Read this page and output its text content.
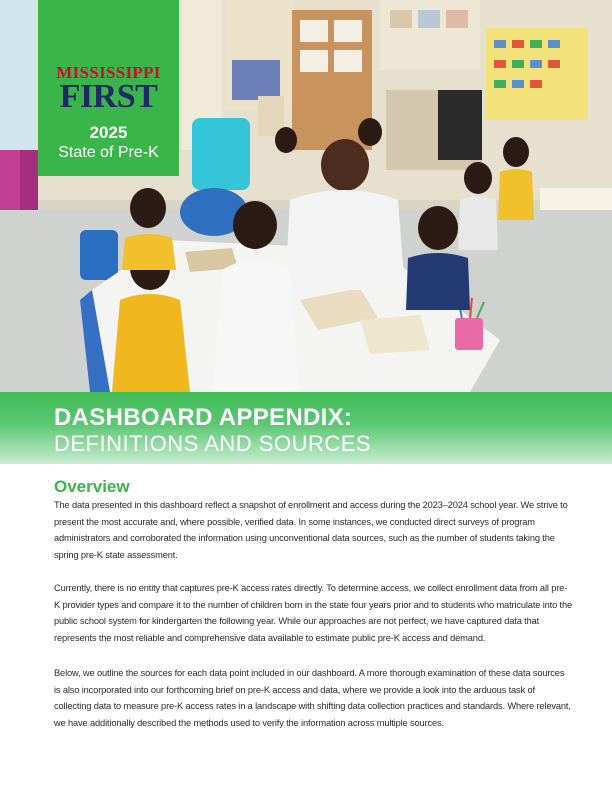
MISSISSIPPI
FIRST
2025
State of Pre-K
DASHBOARD APPENDIX:
DEFINITIONS AND SOURCES
Overview

The data presented in this dashboard reflect a snapshot of enrollment and access during the 2023–2024 school year. We strive to present the most accurate and, where possible, verified data. In some instances, we conducted direct surveys of program administrators and corroborated the information using unconventional data sources, such as the number of students taking the spring pre-K state assessment.

Currently, there is no entity that captures pre-K access rates directly. To determine access, we collect enrollment data from all pre-K provider types and compare it to the number of children born in the state four years prior and to students who matriculate into the public school system for kindergarten the following year. While our approaches are not perfect, we have captured data that represents the most reliable and comprehensive data available to estimate public pre-K access and demand.

Below, we outline the sources for each data point included in our dashboard. A more thorough examination of these data sources is also incorporated into our forthcoming brief on pre-K access and data, where we provide a look into the arduous task of collecting data to measure pre-K access rates in a landscape with shifting data collection practices and standards. Where relevant, we have additionally described the methods used to verify the information across multiple sources.
